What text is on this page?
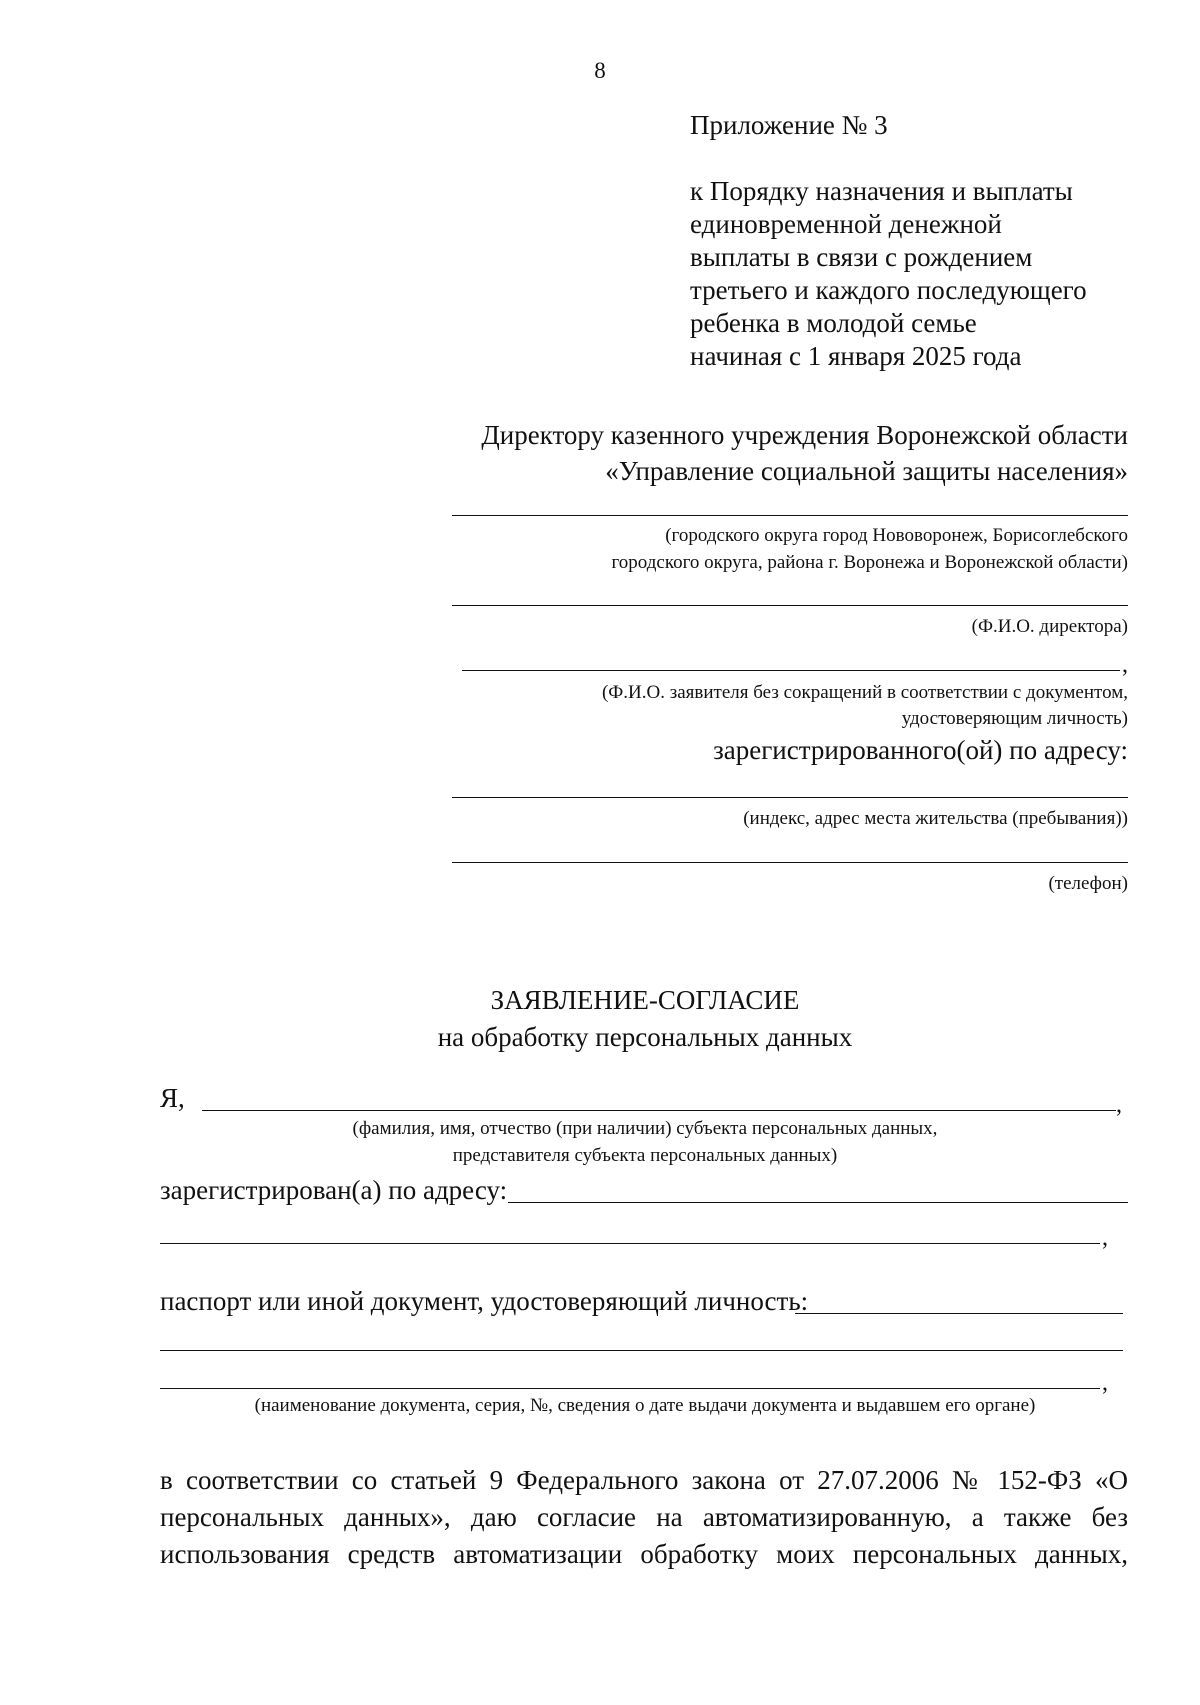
8
Приложение № 3
к Порядку назначения и выплаты
единовременной денежной
выплаты в связи с рождением
третьего и каждого последующего
ребенка в молодой семье
начиная с 1 января 2025 года
Директору казенного учреждения Воронежской области
«Управление социальной защиты населения»
(городского округа город Нововоронеж, Борисоглебского
городского округа, района г. Воронежа и Воронежской области)
(Ф.И.О. директора)
,
(Ф.И.О. заявителя без сокращений в соответствии с документом,
удостоверяющим личность)
зарегистрированного(ой) по адресу:
(индекс, адрес места жительства (пребывания))
(телефон)
ЗАЯВЛЕНИЕ-СОГЛАСИЕ
на обработку персональных данных
Я,	,
(фамилия, имя, отчество (при наличии) субъекта персональных данных,
представителя субъекта персональных данных)
зарегистрирован(а) по адресу:
,
паспорт или иной документ, удостоверяющий личность:
,
(наименование документа, серия, №, сведения о дате выдачи документа и выдавшем его органе)
в соответствии со статьей 9 Федерального закона от 27.07.2006 № 152-ФЗ «О
персональных данных», даю согласие на автоматизированную, а также без
использования средств автоматизации обработку моих персональных данных,
